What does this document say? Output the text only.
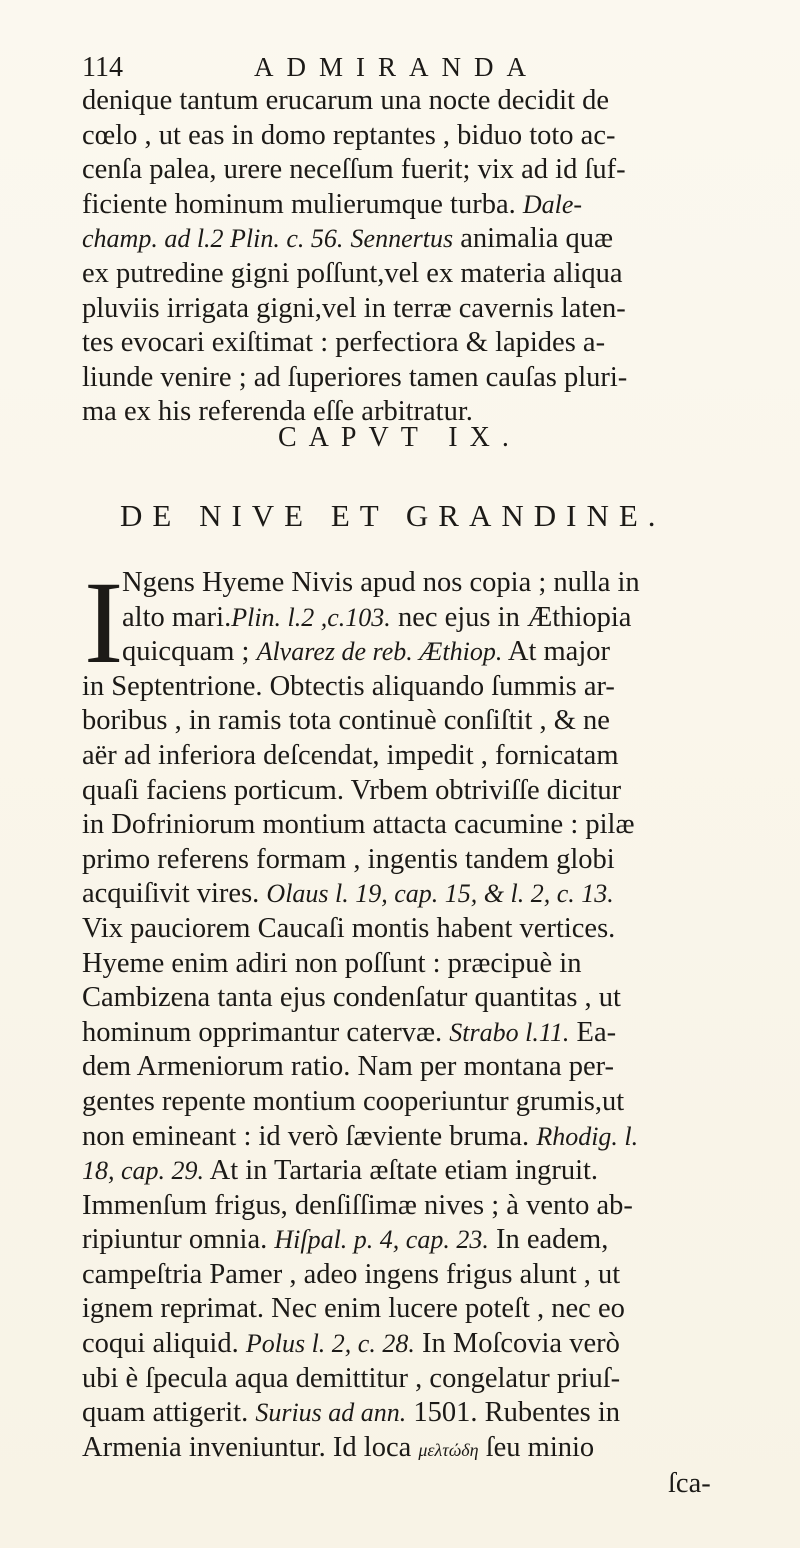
114	ADMIRANDA
denique tantum erucarum una nocte decidit de
cœlo , ut eas in domo reptantes , biduo toto ac-
cenſa palea, urere neceſſum fuerit; vix ad id ſuf-
ficiente hominum mulierumque turba. Dale-
champ. ad l.2 Plin. c. 56. Sennertus animalia quæ
ex putredine gigni poſſunt,vel ex materia aliqua
pluviis irrigata gigni,vel in terræ cavernis laten-
tes evocari exiſtimat : perfectiora & lapides a-
liunde venire ; ad ſuperiores tamen cauſas pluri-
ma ex his referenda eſſe arbitratur.
CAPVT IX.
DE NIVE ET GRANDINE.
I
Ngens Hyeme Nivis apud nos copia ; nulla in
alto mari.Plin. l.2 ,c.103. nec ejus in Æthiopia
quicquam ; Alvarez de reb. Æthiop. At major
in Septentrione. Obtectis aliquando ſummis ar-
boribus , in ramis tota continuè conſiſtit , & ne
aër ad inferiora deſcendat, impedit , fornicatam
quaſi faciens porticum. Vrbem obtriviſſe dicitur
in Dofriniorum montium attacta cacumine : pilæ
primo referens formam , ingentis tandem globi
acquiſivit vires. Olaus l. 19, cap. 15, & l. 2, c. 13.
Vix pauciorem Caucaſi montis habent vertices.
Hyeme enim adiri non poſſunt : præcipuè in
Cambizena tanta ejus condenſatur quantitas , ut
hominum opprimantur catervæ. Strabo l.11. Ea-
dem Armeniorum ratio. Nam per montana per-
gentes repente montium cooperiuntur grumis,ut
non emineant : id verò ſæviente bruma. Rhodig. l.
18, cap. 29. At in Tartaria æſtate etiam ingruit.
Immenſum frigus, denſiſſimæ nives ; à vento ab-
ripiuntur omnia. Hiſpal. p. 4, cap. 23. In eadem,
campeſtria Pamer , adeo ingens frigus alunt , ut
ignem reprimat. Nec enim lucere poteſt , nec eo
coqui aliquid. Polus l. 2, c. 28. In Moſcovia verò
ubi è ſpecula aqua demittitur , congelatur priuſ-
quam attigerit. Surius ad ann. 1501. Rubentes in
Armenia inveniuntur. Id loca μελτώδη ſeu minio
ſca-
